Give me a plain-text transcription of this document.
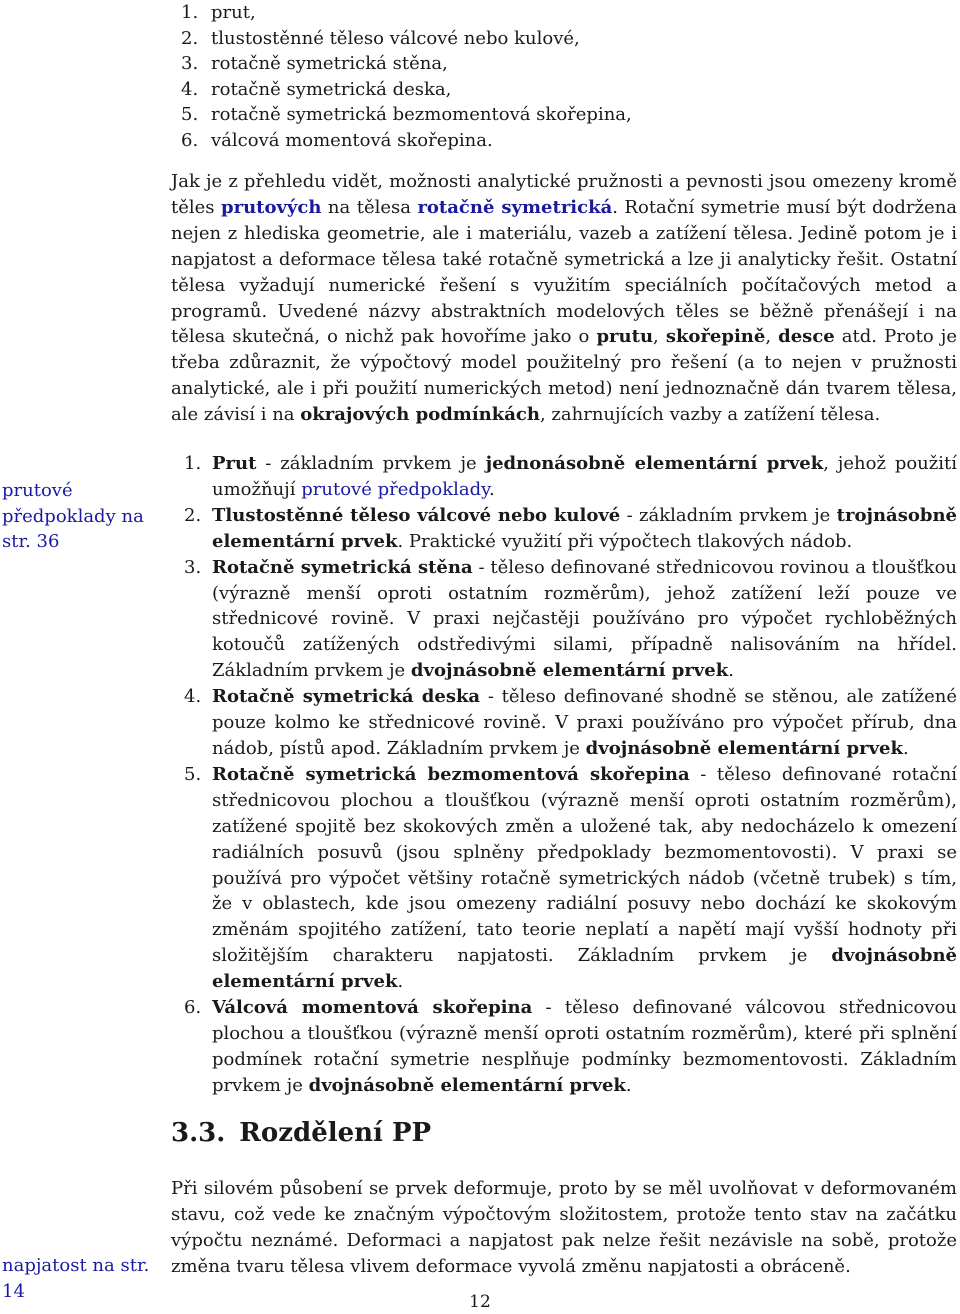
1. prut,
2. tlustostěnné těleso válcové nebo kulové,
3. rotačně symetrická stěna,
4. rotačně symetrická deska,
5. rotačně symetrická bezmomentová skořepina,
6. válcová momentová skořepina.

Jak je z přehledu vidět, možnosti analytické pružnosti a pevnosti jsou omezeny kromě těles prutových na tělesa rotačně symetrická. Rotační symetrie musí být dodržena nejen z hlediska geometrie, ale i materiálu, vazeb a zatížení tělesa. Jedině potom je i napjatost a deformace tělesa také rotačně symetrická a lze ji analyticky řešit. Ostatní tělesa vyžadují numerické řešení s využitím speciálních počítačových metod a programů. Uvedené názvy abstraktních modelových těles se běžně přenášejí i na tělesa skutečná, o nichž pak hovoříme jako o prutu, skořepině, desce atd. Proto je třeba zdůraznit, že výpočtový model použitelný pro řešení (a to nejen v pružnosti analytické, ale i při použití numerických metod) není jednoznačně dán tvarem tělesa, ale závisí i na okrajových podmínkách, zahrnujících vazby a zatížení tělesa.

prutové předpoklady na str. 36
1. Prut - základním prvkem je jednonásobně elementární prvek, jehož použití umožňují prutové předpoklady.
2. Tlustostěnné těleso válcové nebo kulové - základním prvkem je trojnásobně elementární prvek. Praktické využití při výpočtech tlakových nádob.
3. Rotačně symetrická stěna - těleso definované střednicovou rovinou a tloušťkou (výrazně menší oproti ostatním rozměrům), jehož zatížení leží pouze ve střednicové rovině. V praxi nejčastěji používáno pro výpočet rychloběžných kotoučů zatížených odstředivými silami, případně nalisováním na hřídel. Základním prvkem je dvojnásobně elementární prvek.
4. Rotačně symetrická deska - těleso definované shodně se stěnou, ale zatížené pouze kolmo ke střednicové rovině. V praxi používáno pro výpočet přírub, dna nádob, pístů apod. Základním prvkem je dvojnásobně elementární prvek.
5. Rotačně symetrická bezmomentová skořepina - těleso definované rotační střednicovou plochou a tloušťkou (výrazně menší oproti ostatním rozměrům), zatížené spojitě bez skokových změn a uložené tak, aby nedocházelo k omezení radiálních posuvů (jsou splněny předpoklady bezmomentovosti). V praxi se používá pro výpočet většiny rotačně symetrických nádob (včetně trubek) s tím, že v oblastech, kde jsou omezeny radiální posuvy nebo dochází ke skokovým změnám spojitého zatížení, tato teorie neplatí a napětí mají vyšší hodnoty při složitějším charakteru napjatosti. Základním prvkem je dvojnásobně elementární prvek.
6. Válcová momentová skořepina - těleso definované válcovou střednicovou plochou a tloušťkou (výrazně menší oproti ostatním rozměrům), které při splnění podmínek rotační symetrie nesplňuje podmínky bezmomentovosti. Základním prvkem je dvojnásobně elementární prvek.
3.3. Rozdělení PP

Při silovém působení se prvek deformuje, proto by se měl uvolňovat v deformovaném stavu, což vede ke značným výpočtovým složitostem, protože tento stav na začátku výpočtu neznámé. Deformaci a napjatost pak nelze řešit nezávisle na sobě, protože změna tvaru tělesa vlivem deformace vyvolá změnu napjatosti a obráceně.

napjatost na str. 14
12
